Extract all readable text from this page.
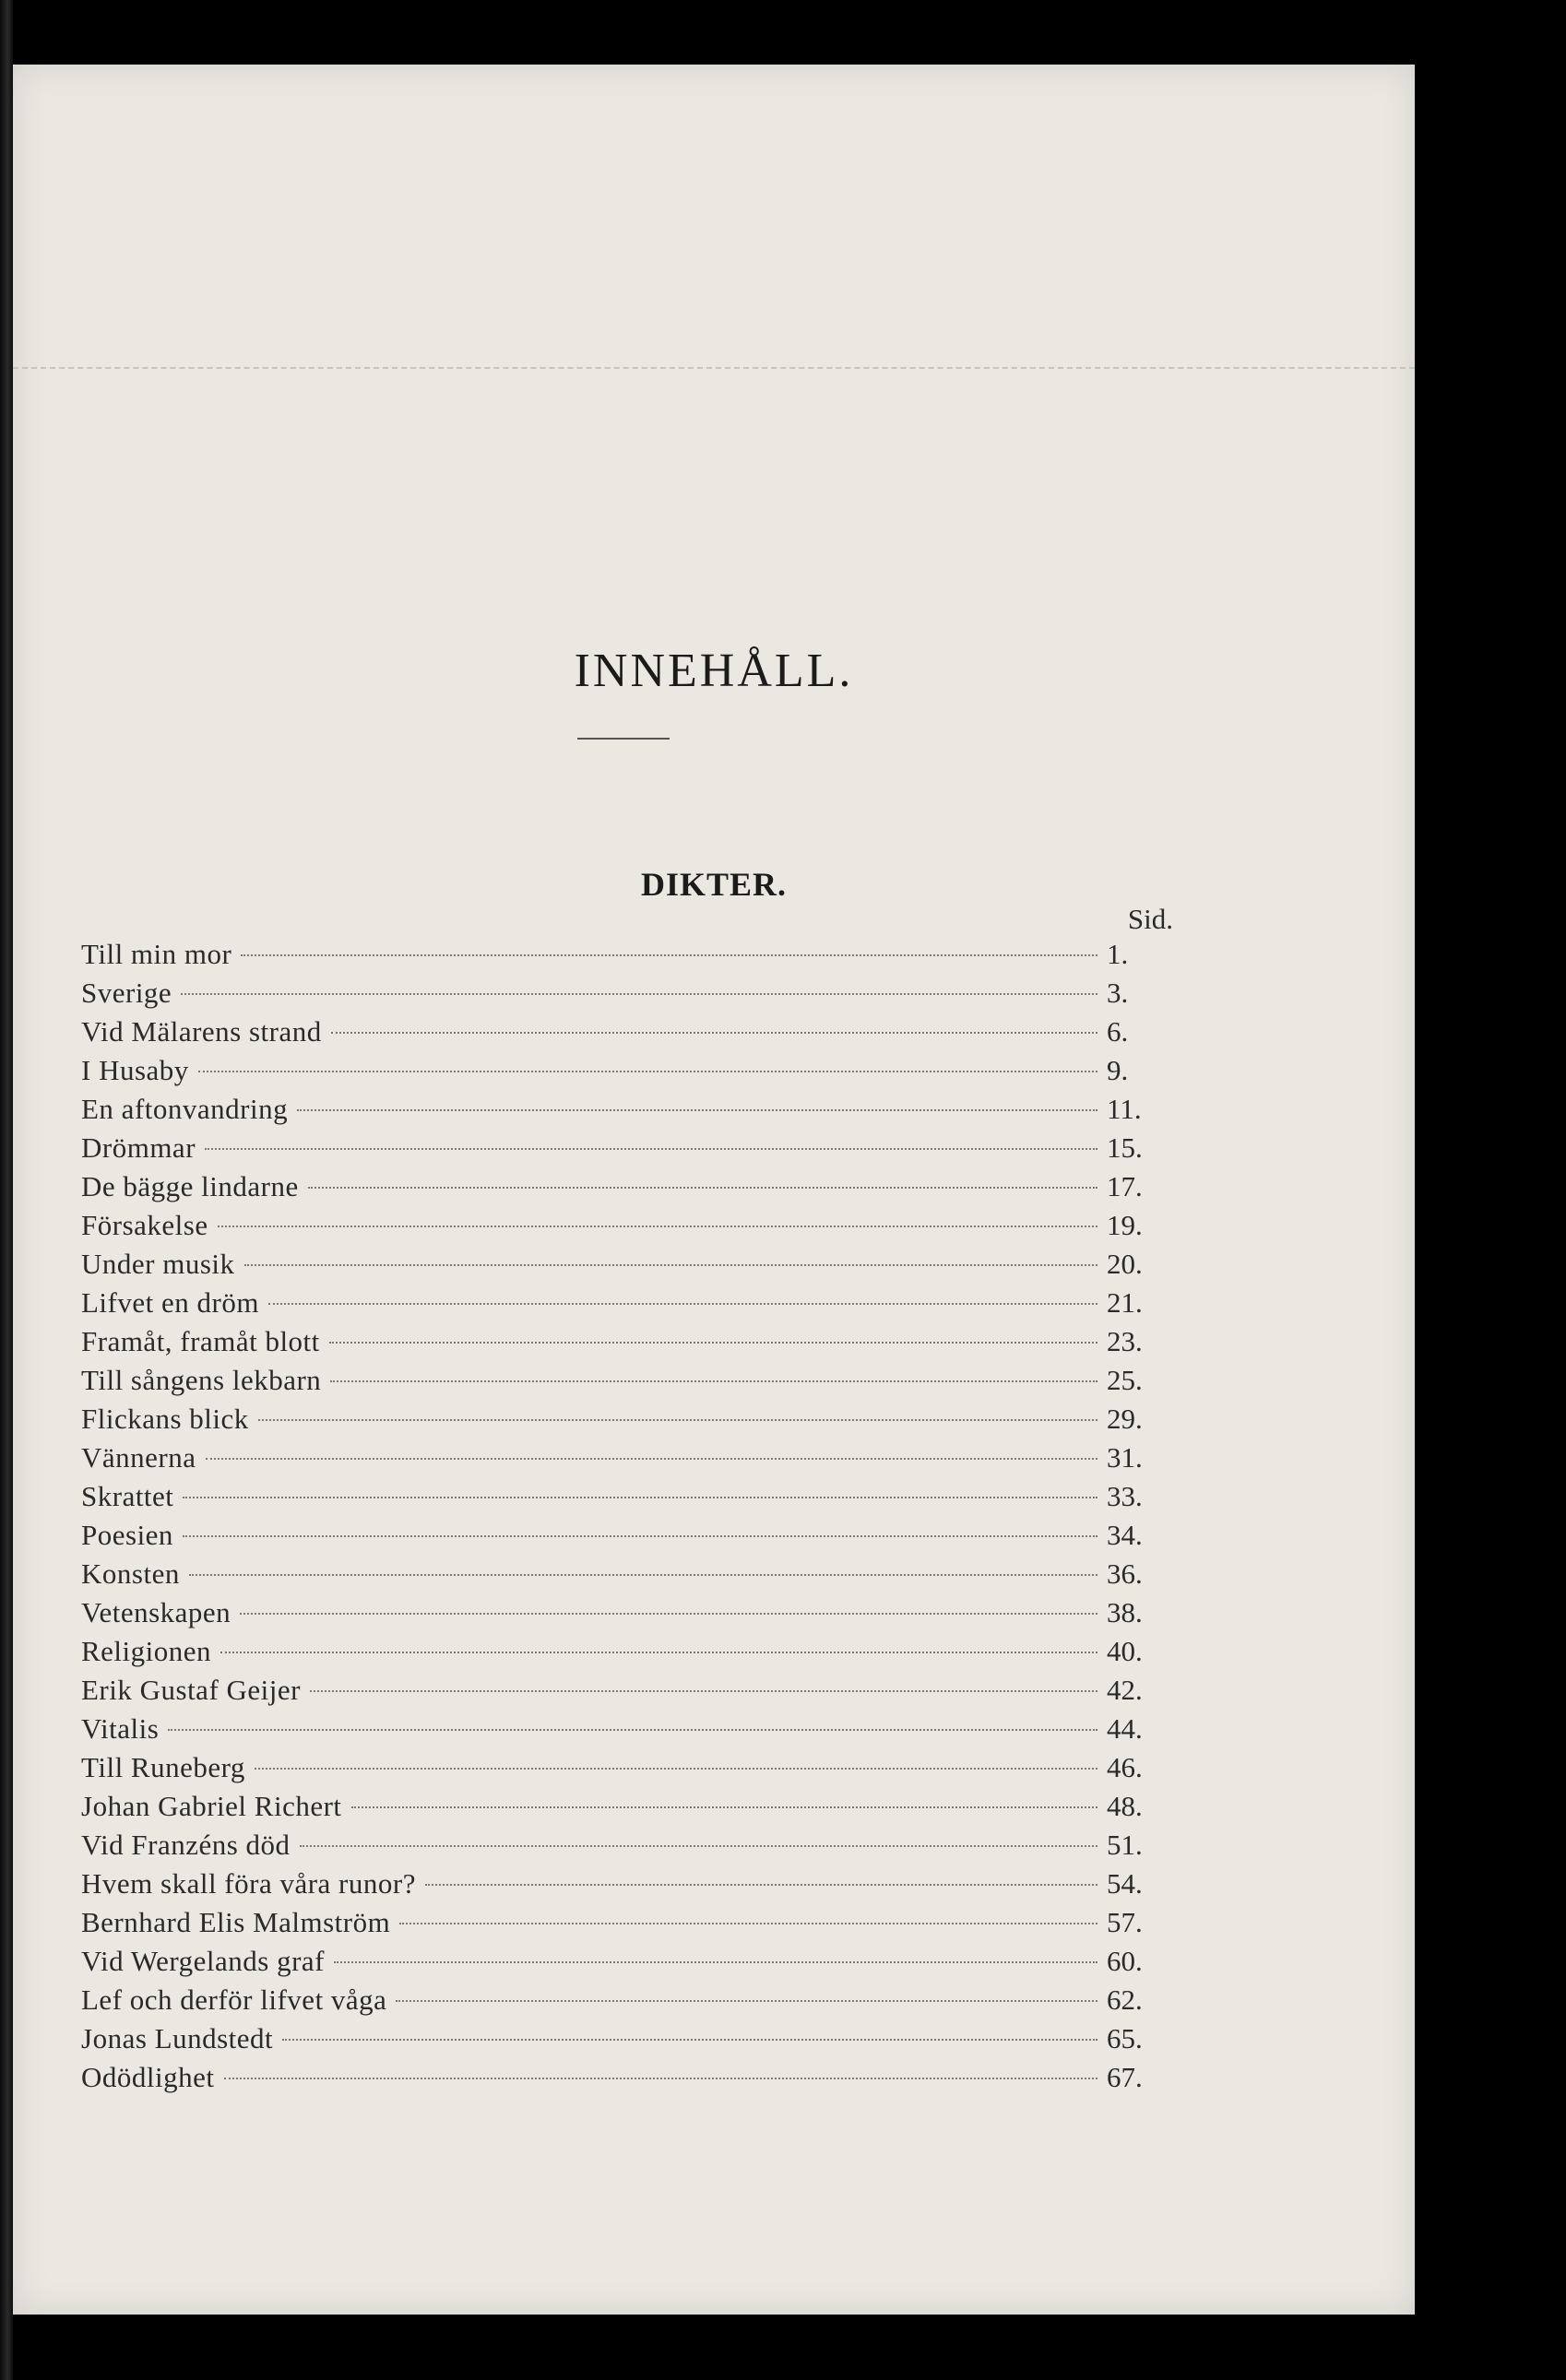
INNEHÅLL.
DIKTER.
Sid.
Till min mor	1.
Sverige	3.
Vid Mälarens strand	6.
I Husaby	9.
En aftonvandring	11.
Drömmar	15.
De bägge lindarne	17.
Försakelse	19.
Under musik	20.
Lifvet en dröm	21.
Framåt, framåt blott	23.
Till sångens lekbarn	25.
Flickans blick	29.
Vännerna	31.
Skrattet	33.
Poesien	34.
Konsten	36.
Vetenskapen	38.
Religionen	40.
Erik Gustaf Geijer	42.
Vitalis	44.
Till Runeberg	46.
Johan Gabriel Richert	48.
Vid Franzéns död	51.
Hvem skall föra våra runor?	54.
Bernhard Elis Malmström	57.
Vid Wergelands graf	60.
Lef och derför lifvet våga	62.
Jonas Lundstedt	65.
Odödlighet	67.
